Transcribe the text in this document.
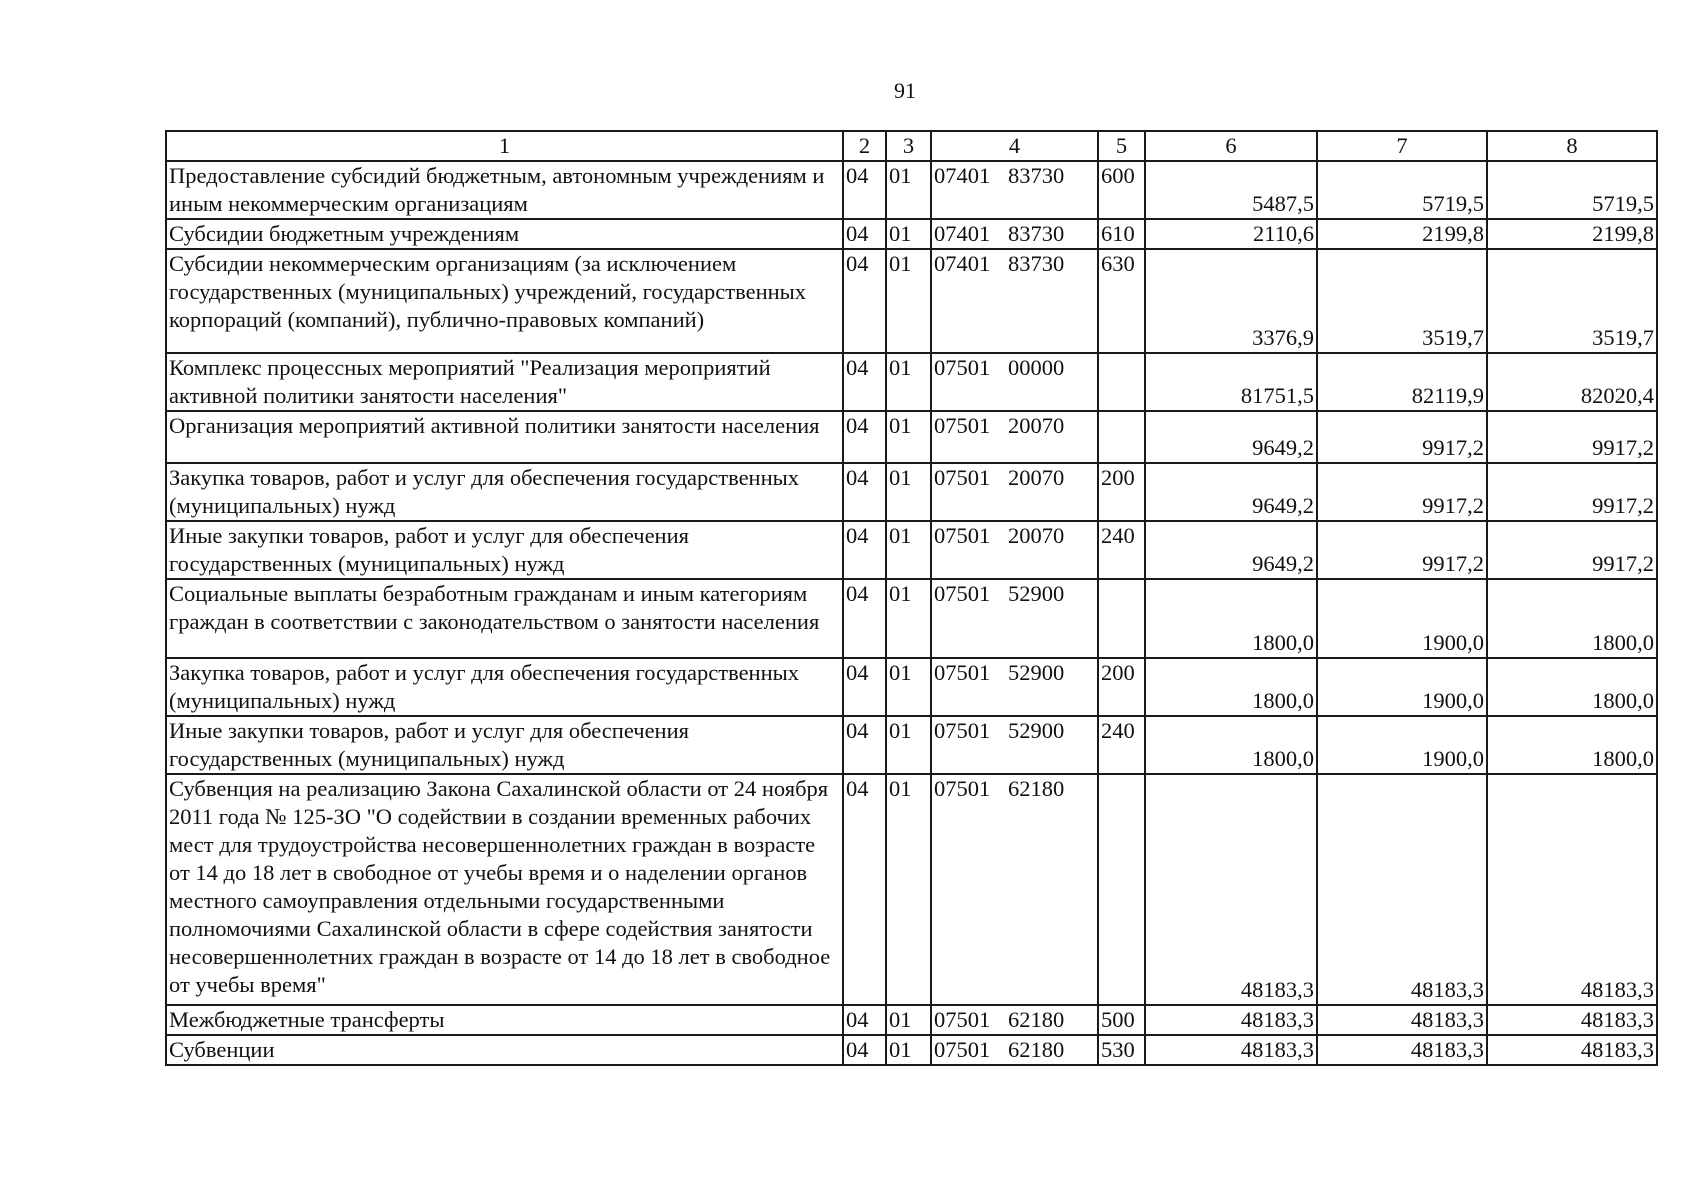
91
1	2	3	4	5	6	7	8
Предоставление субсидий бюджетным, автономным учреждениям и иным некоммерческим организациям	04	01	07401 83730	600	5487,5	5719,5	5719,5
Субсидии бюджетным учреждениям	04	01	07401 83730	610	2110,6	2199,8	2199,8
Субсидии некоммерческим организациям (за исключением государственных (муниципальных) учреждений, государственных корпораций (компаний), публично-правовых компаний)	04	01	07401 83730	630	3376,9	3519,7	3519,7
Комплекс процессных мероприятий "Реализация мероприятий активной политики занятости населения"	04	01	07501 00000		81751,5	82119,9	82020,4
Организация мероприятий активной политики занятости населения	04	01	07501 20070		9649,2	9917,2	9917,2
Закупка товаров, работ и услуг для обеспечения государственных (муниципальных) нужд	04	01	07501 20070	200	9649,2	9917,2	9917,2
Иные закупки товаров, работ и услуг для обеспечения государственных (муниципальных) нужд	04	01	07501 20070	240	9649,2	9917,2	9917,2
Социальные выплаты безработным гражданам и иным категориям граждан в соответствии с законодательством о занятости населения	04	01	07501 52900		1800,0	1900,0	1800,0
Закупка товаров, работ и услуг для обеспечения государственных (муниципальных) нужд	04	01	07501 52900	200	1800,0	1900,0	1800,0
Иные закупки товаров, работ и услуг для обеспечения государственных (муниципальных) нужд	04	01	07501 52900	240	1800,0	1900,0	1800,0
Субвенция на реализацию Закона Сахалинской области от 24 ноября 2011 года № 125-ЗО "О содействии в создании временных рабочих мест для трудоустройства несовершеннолетних граждан в возрасте от 14 до 18 лет в свободное от учебы время и о наделении органов местного самоуправления отдельными государственными полномочиями Сахалинской области в сфере содействия занятости несовершеннолетних граждан в возрасте от 14 до 18 лет в свободное от учебы время"	04	01	07501 62180		48183,3	48183,3	48183,3
Межбюджетные трансферты	04	01	07501 62180	500	48183,3	48183,3	48183,3
Субвенции	04	01	07501 62180	530	48183,3	48183,3	48183,3
